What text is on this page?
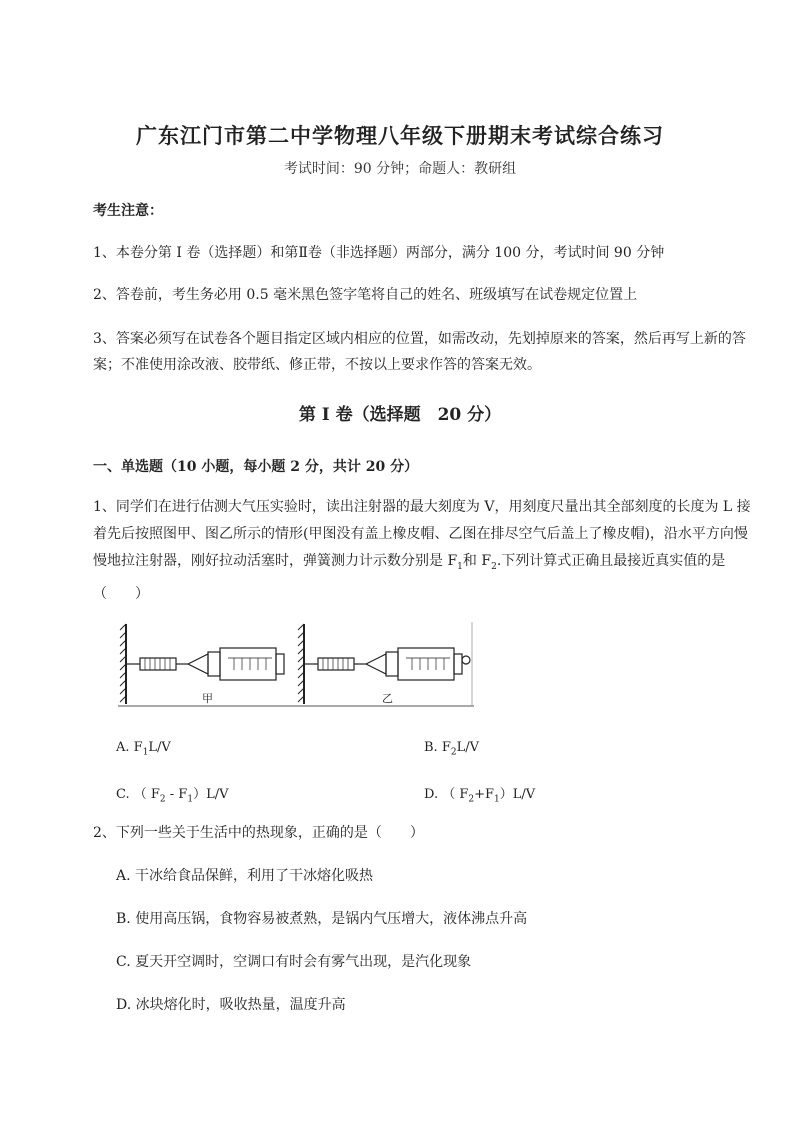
广东江门市第二中学物理八年级下册期末考试综合练习
考试时间：90 分钟；命题人：教研组
考生注意：
1、本卷分第 I 卷（选择题）和第Ⅱ卷（非选择题）两部分，满分 100 分，考试时间 90 分钟
2、答卷前，考生务必用 0.5 毫米黑色签字笔将自己的姓名、班级填写在试卷规定位置上
3、答案必须写在试卷各个题目指定区域内相应的位置，如需改动，先划掉原来的答案，然后再写上新的答案；不准使用涂改液、胶带纸、修正带，不按以上要求作答的答案无效。
第 I 卷（选择题　20 分）
一、单选题（10 小题，每小题 2 分，共计 20 分）
1、同学们在进行估测大气压实验时，读出注射器的最大刻度为 V，用刻度尺量出其全部刻度的长度为 L 接着先后按照图甲、图乙所示的情形(甲图没有盖上橡皮帽、乙图在排尽空气后盖上了橡皮帽)，沿水平方向慢慢地拉注射器，刚好拉动活塞时，弹簧测力计示数分别是 $F_1$和 $F_2$.下列计算式正确且最接近真实值的是（　　）
甲	乙
A. $F_1L/V$	B. $F_2L/V$
C. （ $F_2 - F_1)L/V$	D. （ $F_2+F_1)L/V$
2、下列一些关于生活中的热现象，正确的是（　　）
A. 干冰给食品保鲜，利用了干冰熔化吸热
B. 使用高压锅，食物容易被煮熟，是锅内气压增大，液体沸点升高
C. 夏天开空调时，空调口有时会有雾气出现，是汽化现象
D. 冰块熔化时，吸收热量，温度升高
